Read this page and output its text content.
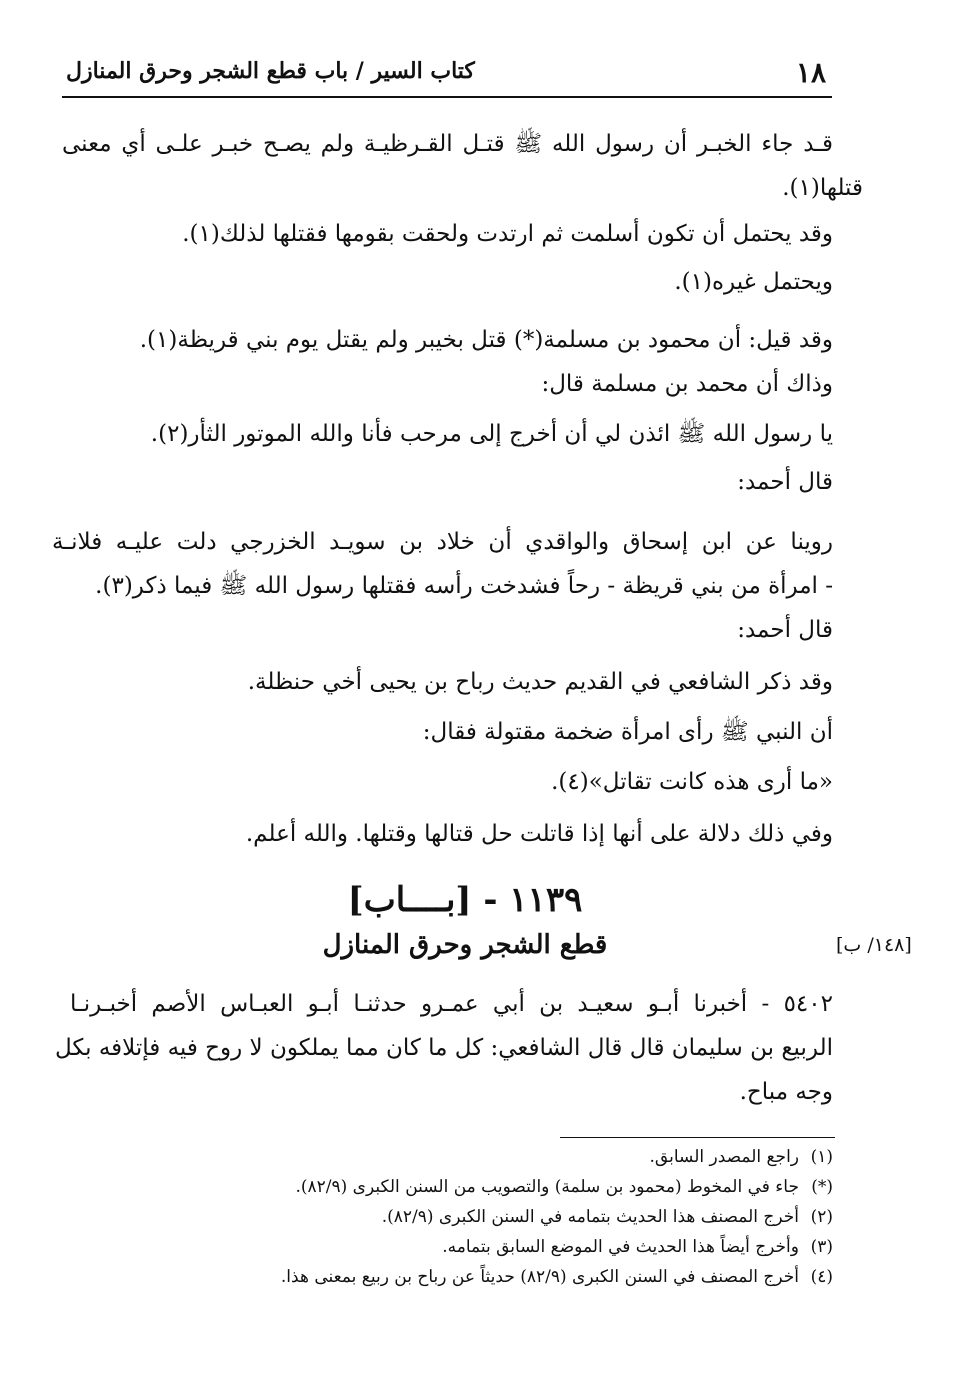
١٨
كتاب السير / باب قطع الشجر وحرق المنازل
قـد جاء الخبـر أن رسول الله ﷺ قتـل القـرظيـة ولم يصـح خبـر علـى أي معنى
قتلها(١).
وقد يحتمل أن تكون أسلمت ثم ارتدت ولحقت بقومها فقتلها لذلك(١).
ويحتمل غيره(١).
وقد قيل: أن محمود بن مسلمة(*) قتل بخيبر ولم يقتل يوم بني قريظة(١).
وذاك أن محمد بن مسلمة قال:
يا رسول الله ﷺ ائذن لي أن أخرج إلى مرحب فأنا والله الموتور الثأر(٢).
قال أحمد:
روينا عن ابن إسحاق والواقدي أن خلاد بن سويـد الخزرجي دلت عليـه فلانـة
- امرأة من بني قريظة - رحاً فشدخت رأسه فقتلها رسول الله ﷺ فيما ذكر(٣).
قال أحمد:
وقد ذكر الشافعي في القديم حديث رباح بن يحيى أخي حنظلة.
أن النبي ﷺ رأى امرأة ضخمة مقتولة فقال:
«ما أرى هذه كانت تقاتل»(٤).
وفي ذلك دلالة على أنها إذا قاتلت حل قتالها وقتلها. والله أعلم.
١١٣٩ - [بــــاب]
قطع الشجر وحرق المنازل	[١٤٨/ ب]
٥٤٠٢ - أخبرنا أبـو سعيـد بن أبي عمـرو حدثنـا أبـو العبـاس الأصم أخبـرنـا
الربيع بن سليمان قال قال الشافعي: كل ما كان مما يملكون لا روح فيه فإتلافه بكل
وجه مباح.
(١)راجع المصدر السابق.
(*)جاء في المخوط (محمود بن سلمة) والتصويب من السنن الكبرى (٨٢/٩).
(٢)أخرج المصنف هذا الحديث بتمامه في السنن الكبرى (٨٢/٩).
(٣)وأخرج أيضاً هذا الحديث في الموضع السابق بتمامه.
(٤)أخرج المصنف في السنن الكبرى (٨٢/٩) حديثاً عن رباح بن ربيع بمعنى هذا.
